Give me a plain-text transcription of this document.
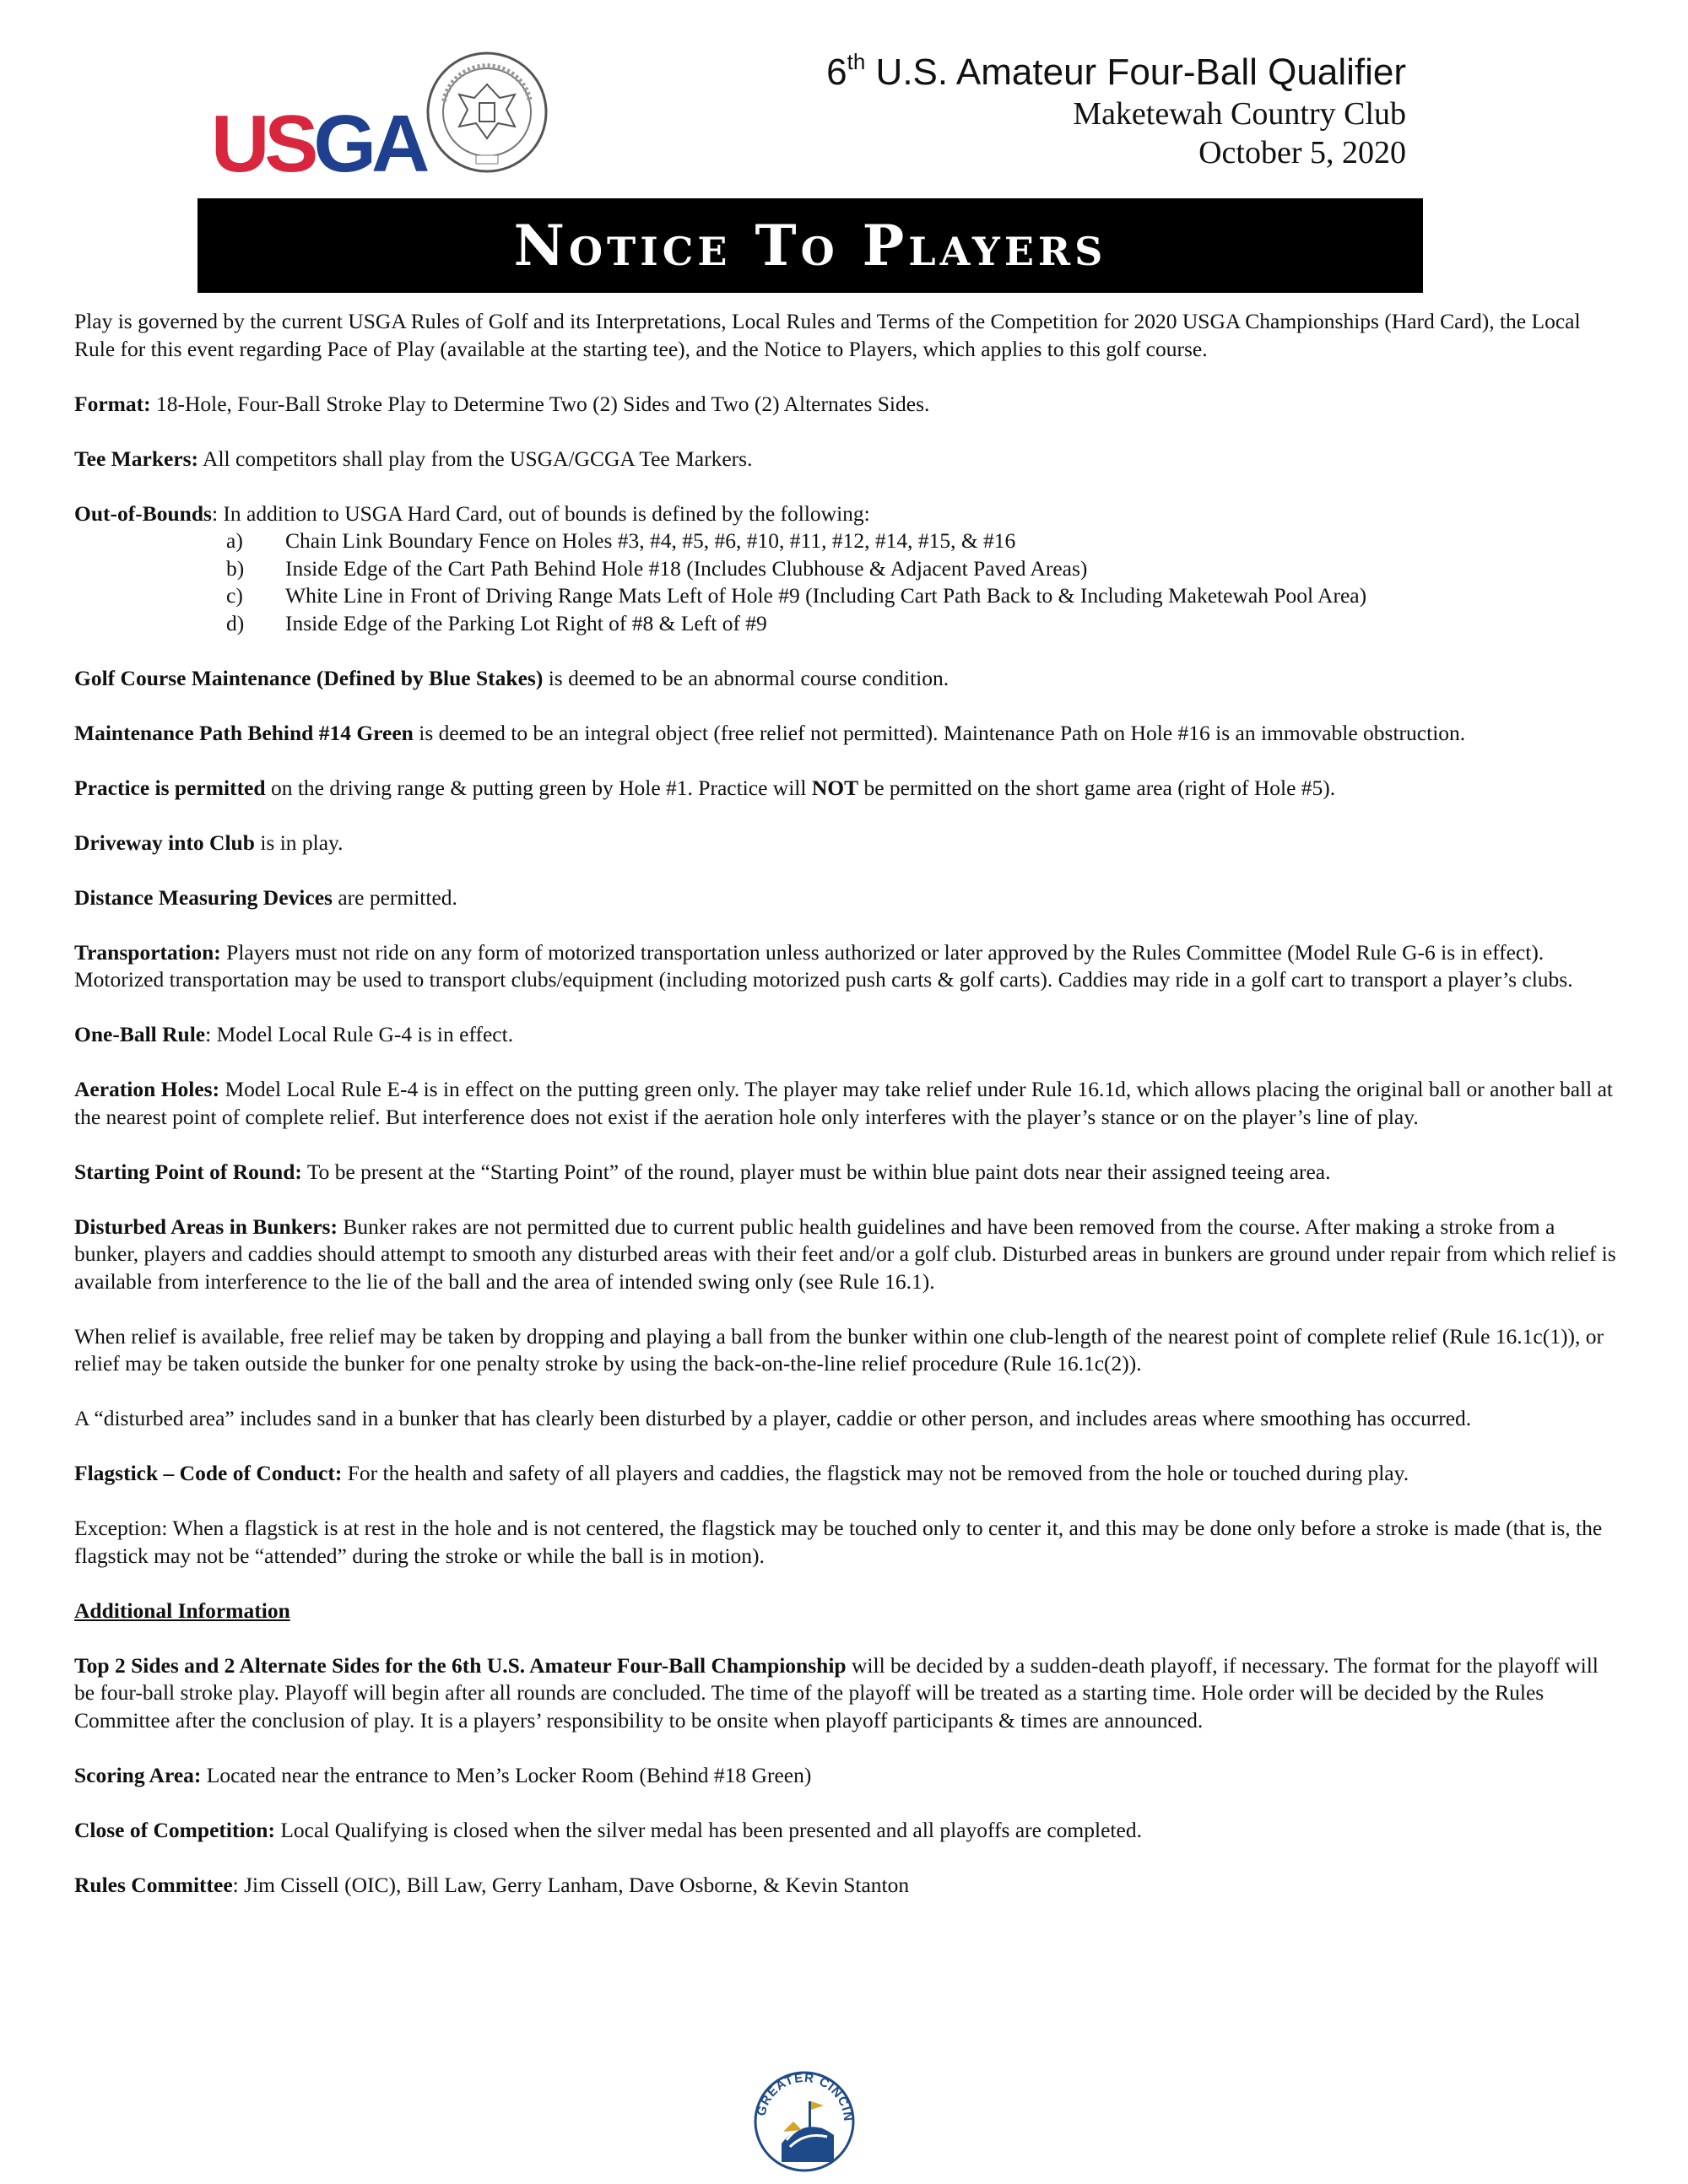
USGA
6th U.S. Amateur Four-Ball Qualifier
Maketewah Country Club
October 5, 2020
Notice To Players

Play is governed by the current USGA Rules of Golf and its Interpretations, Local Rules and Terms of the Competition for 2020 USGA Championships (Hard Card), the Local Rule for this event regarding Pace of Play (available at the starting tee), and the Notice to Players, which applies to this golf course.

Format: 18-Hole, Four-Ball Stroke Play to Determine Two (2) Sides and Two (2) Alternates Sides.

Tee Markers: All competitors shall play from the USGA/GCGA Tee Markers.

Out-of-Bounds: In addition to USGA Hard Card, out of bounds is defined by the following:

a)	Chain Link Boundary Fence on Holes #3, #4, #5, #6, #10, #11, #12, #14, #15, & #16
b)	Inside Edge of the Cart Path Behind Hole #18 (Includes Clubhouse & Adjacent Paved Areas)
c)	White Line in Front of Driving Range Mats Left of Hole #9 (Including Cart Path Back to & Including Maketewah Pool Area)
d)	Inside Edge of the Parking Lot Right of #8 & Left of #9

Golf Course Maintenance (Defined by Blue Stakes) is deemed to be an abnormal course condition.

Maintenance Path Behind #14 Green is deemed to be an integral object (free relief not permitted). Maintenance Path on Hole #16 is an immovable obstruction.

Practice is permitted on the driving range & putting green by Hole #1. Practice will NOT be permitted on the short game area (right of Hole #5).

Driveway into Club is in play.

Distance Measuring Devices are permitted.

Transportation: Players must not ride on any form of motorized transportation unless authorized or later approved by the Rules Committee (Model Rule G-6 is in effect). Motorized transportation may be used to transport clubs/equipment (including motorized push carts & golf carts). Caddies may ride in a golf cart to transport a player’s clubs.

One-Ball Rule: Model Local Rule G-4 is in effect.

Aeration Holes: Model Local Rule E-4 is in effect on the putting green only. The player may take relief under Rule 16.1d, which allows placing the original ball or another ball at the nearest point of complete relief. But interference does not exist if the aeration hole only interferes with the player’s stance or on the player’s line of play.

Starting Point of Round: To be present at the “Starting Point” of the round, player must be within blue paint dots near their assigned teeing area.

Disturbed Areas in Bunkers: Bunker rakes are not permitted due to current public health guidelines and have been removed from the course. After making a stroke from a bunker, players and caddies should attempt to smooth any disturbed areas with their feet and/or a golf club. Disturbed areas in bunkers are ground under repair from which relief is available from interference to the lie of the ball and the area of intended swing only (see Rule 16.1).

When relief is available, free relief may be taken by dropping and playing a ball from the bunker within one club-length of the nearest point of complete relief (Rule 16.1c(1)), or relief may be taken outside the bunker for one penalty stroke by using the back-on-the-line relief procedure (Rule 16.1c(2)).

A “disturbed area” includes sand in a bunker that has clearly been disturbed by a player, caddie or other person, and includes areas where smoothing has occurred.

Flagstick – Code of Conduct: For the health and safety of all players and caddies, the flagstick may not be removed from the hole or touched during play.

Exception: When a flagstick is at rest in the hole and is not centered, the flagstick may be touched only to center it, and this may be done only before a stroke is made (that is, the flagstick may not be “attended” during the stroke or while the ball is in motion).

Additional Information

Top 2 Sides and 2 Alternate Sides for the 6th U.S. Amateur Four-Ball Championship will be decided by a sudden-death playoff, if necessary. The format for the playoff will be four-ball stroke play. Playoff will begin after all rounds are concluded. The time of the playoff will be treated as a starting time. Hole order will be decided by the Rules Committee after the conclusion of play. It is a players’ responsibility to be onsite when playoff participants & times are announced.

Scoring Area: Located near the entrance to Men’s Locker Room (Behind #18 Green)

Close of Competition: Local Qualifying is closed when the silver medal has been presented and all playoffs are completed.

Rules Committee: Jim Cissell (OIC), Bill Law, Gerry Lanham, Dave Osborne, & Kevin Stanton

GREATER CINCIN
